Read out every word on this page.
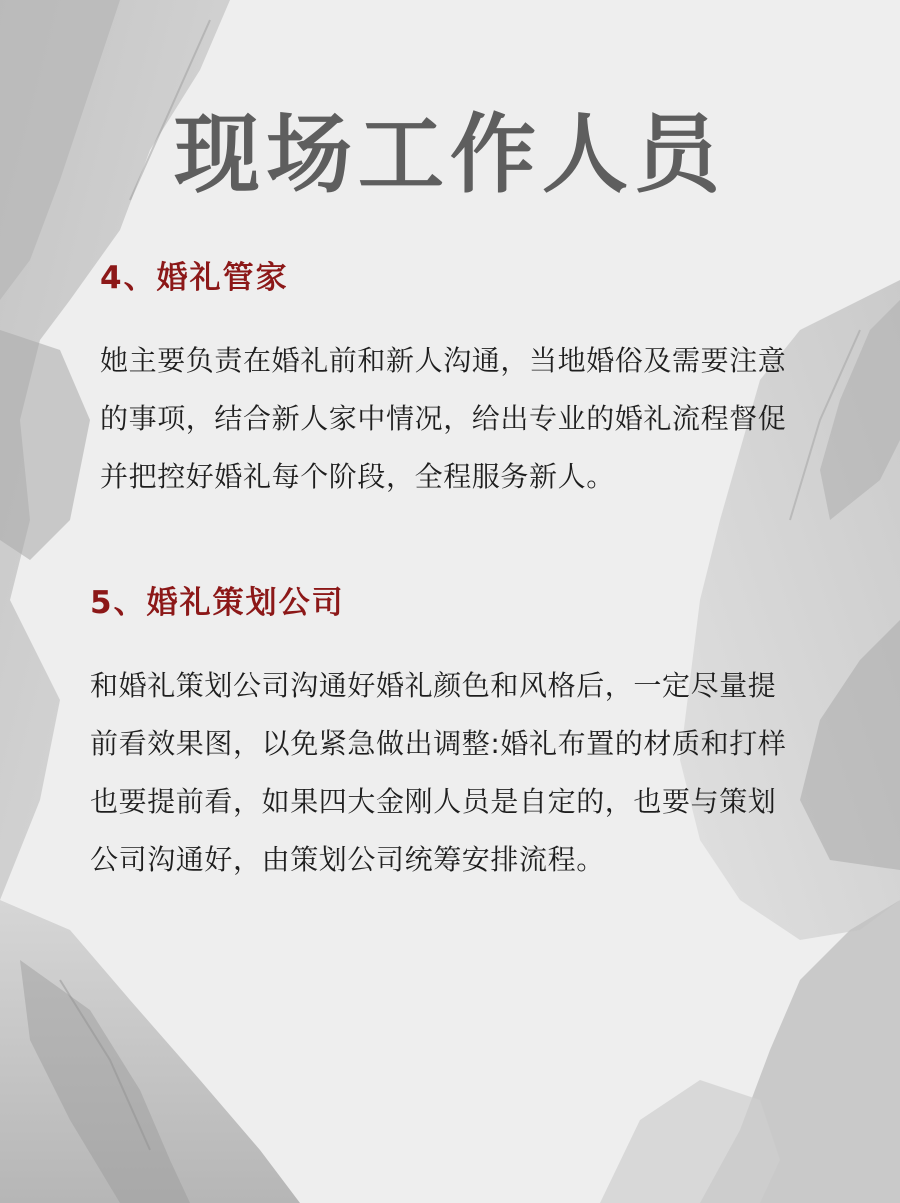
现场工作人员
4、婚礼管家
她主要负责在婚礼前和新人沟通，当地婚俗及需要注意
的事项，结合新人家中情况，给出专业的婚礼流程督促
并把控好婚礼每个阶段，全程服务新人。
5、婚礼策划公司
和婚礼策划公司沟通好婚礼颜色和风格后，一定尽量提
前看效果图，以免紧急做出调整:婚礼布置的材质和打样
也要提前看，如果四大金刚人员是自定的，也要与策划
公司沟通好，由策划公司统筹安排流程。
